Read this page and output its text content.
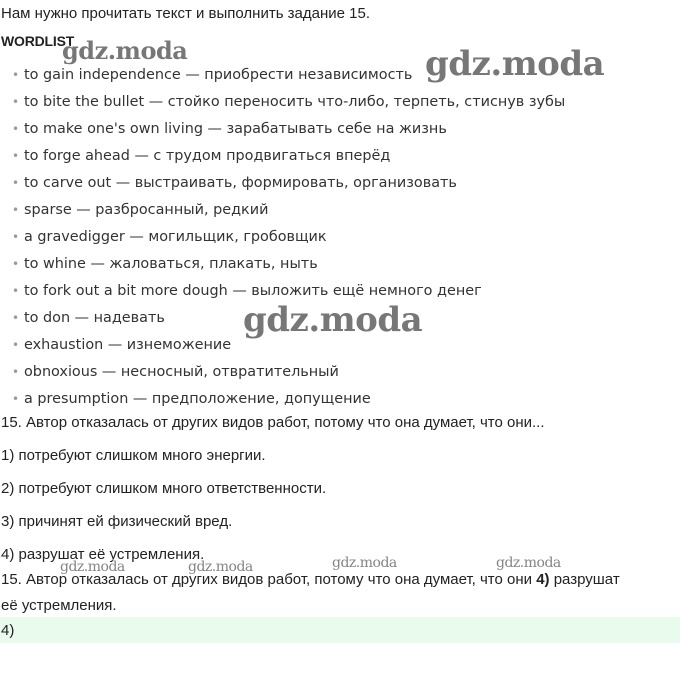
Нам нужно прочитать текст и выполнить задание 15.
WORDLIST
• to gain independence — приобрести независимость
• to bite the bullet — стойко переносить что-либо, терпеть, стиснув зубы
• to make one's own living — зарабатывать себе на жизнь
• to forge ahead — с трудом продвигаться вперёд
• to carve out — выстраивать, формировать, организовать
• sparse — разбросанный, редкий
• a gravedigger — могильщик, гробовщик
• to whine — жаловаться, плакать, ныть
• to fork out a bit more dough — выложить ещё немного денег
• to don — надевать
• exhaustion — изнеможение
• obnoxious — несносный, отвратительный
• a presumption — предположение, допущение
15. Автор отказалась от других видов работ, потому что она думает, что они...
1) потребуют слишком много энергии.
2) потребуют слишком много ответственности.
3) причинят ей физический вред.
4) разрушат её устремления.
15. Автор отказалась от других видов работ, потому что она думает, что они 4) разрушат
её устремления.
4)
gdz.moda	gdz.moda
gdz.moda
gdz.moda	gdz.moda	gdz.moda	gdz.moda
